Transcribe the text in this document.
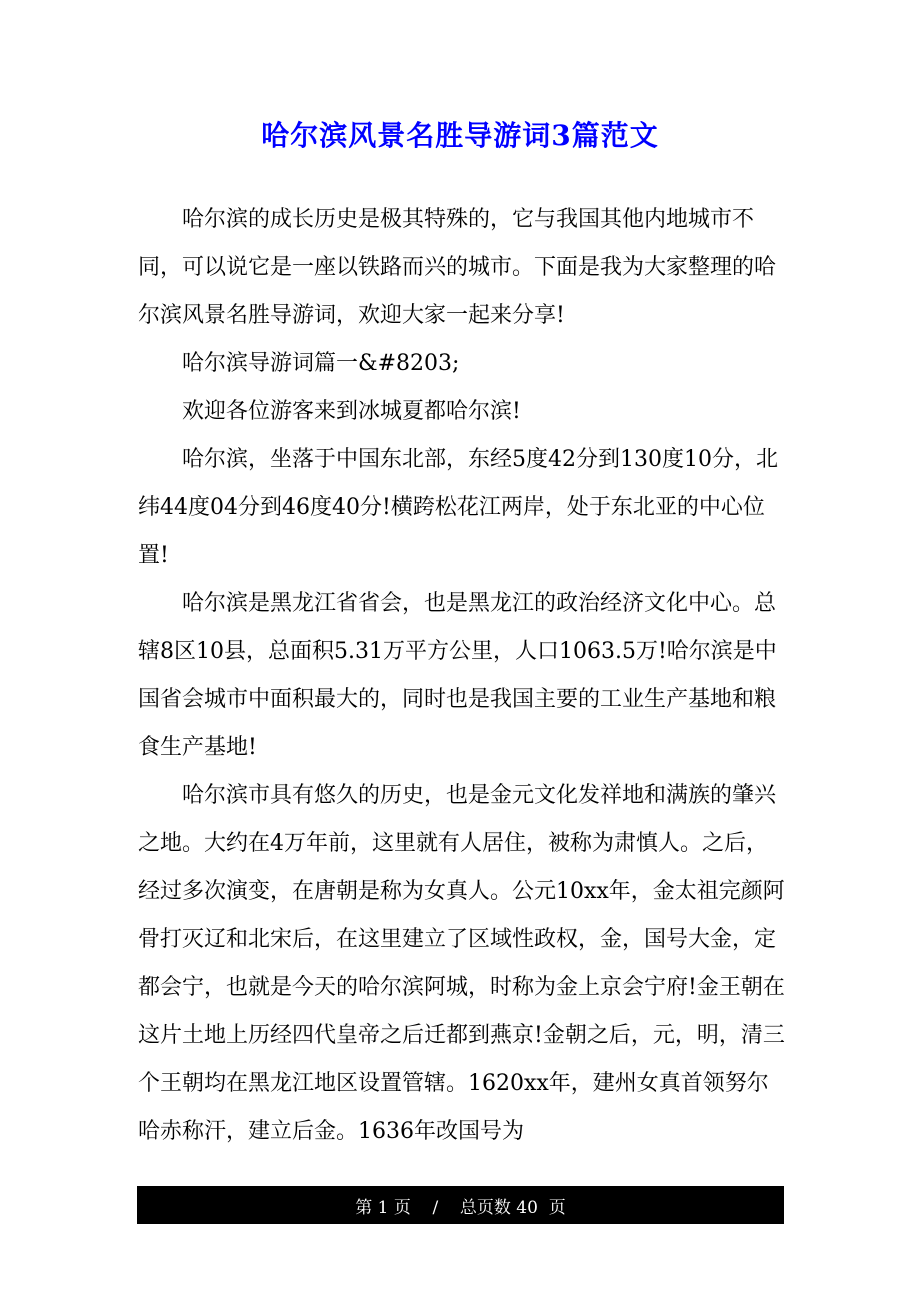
哈尔滨风景名胜导游词3篇范文

哈尔滨的成长历史是极其特殊的，它与我国其他内地城市不同，可以说它是一座以铁路而兴的城市。下面是我为大家整理的哈尔滨风景名胜导游词，欢迎大家一起来分享!

哈尔滨导游词篇一&#8203;

欢迎各位游客来到冰城夏都哈尔滨!

哈尔滨，坐落于中国东北部，东经5度42分到130度10分，北纬44度04分到46度40分!横跨松花江两岸，处于东北亚的中心位置!

哈尔滨是黑龙江省省会，也是黑龙江的政治经济文化中心。总辖8区10县，总面积5.31万平方公里，人口1063.5万!哈尔滨是中国省会城市中面积最大的，同时也是我国主要的工业生产基地和粮食生产基地!

哈尔滨市具有悠久的历史，也是金元文化发祥地和满族的肇兴之地。大约在4万年前，这里就有人居住，被称为肃慎人。之后，经过多次演变，在唐朝是称为女真人。公元10xx年，金太祖完颜阿骨打灭辽和北宋后，在这里建立了区域性政权，金，国号大金，定都会宁，也就是今天的哈尔滨阿城，时称为金上京会宁府!金王朝在这片土地上历经四代皇帝之后迁都到燕京!金朝之后，元，明，清三个王朝均在黑龙江地区设置管辖。1620xx年，建州女真首领努尔哈赤称汗，建立后金。1636年改国号为

第 1 页    /    总页数 40  页
